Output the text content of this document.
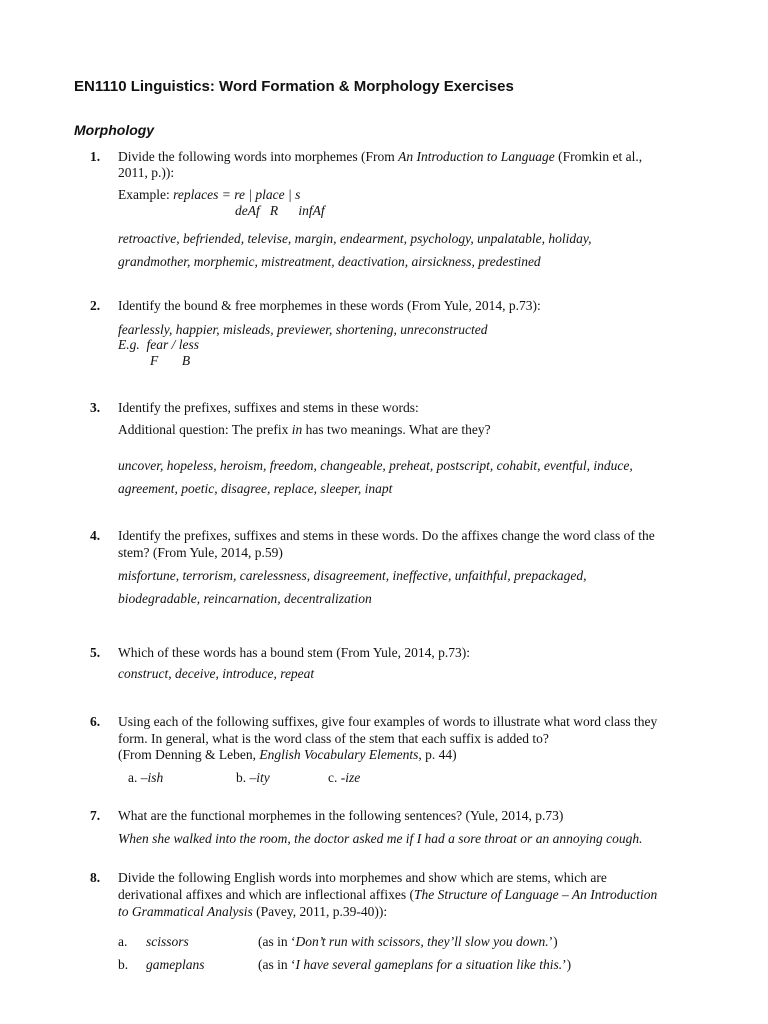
EN1110 Linguistics: Word Formation & Morphology Exercises
Morphology
1. Divide the following words into morphemes (From An Introduction to Language (Fromkin et al.,
2011, p.)):
Example: replaces = re | place | s
deAf   R      infAf
retroactive, befriended, televise, margin, endearment, psychology, unpalatable, holiday,
grandmother, morphemic, mistreatment, deactivation, airsickness, predestined
2. Identify the bound & free morphemes in these words (From Yule, 2014, p.73):
fearlessly, happier, misleads, previewer, shortening, unreconstructed
E.g.  fear / less
F       B
3. Identify the prefixes, suffixes and stems in these words:
Additional question: The prefix in has two meanings. What are they?
uncover, hopeless, heroism, freedom, changeable, preheat, postscript, cohabit, eventful, induce,
agreement, poetic, disagree, replace, sleeper, inapt
4. Identify the prefixes, suffixes and stems in these words. Do the affixes change the word class of the
stem? (From Yule, 2014, p.59)
misfortune, terrorism, carelessness, disagreement, ineffective, unfaithful, prepackaged,
biodegradable, reincarnation, decentralization
5. Which of these words has a bound stem (From Yule, 2014, p.73):
construct, deceive, introduce, repeat
6. Using each of the following suffixes, give four examples of words to illustrate what word class they
form. In general, what is the word class of the stem that each suffix is added to?
(From Denning & Leben, English Vocabulary Elements, p. 44)
a. –ish	b. –ity	c. -ize
7. What are the functional morphemes in the following sentences? (Yule, 2014, p.73)
When she walked into the room, the doctor asked me if I had a sore throat or an annoying cough.
8. Divide the following English words into morphemes and show which are stems, which are
derivational affixes and which are inflectional affixes (The Structure of Language – An Introduction
to Grammatical Analysis (Pavey, 2011, p.39-40)):
a. scissors	(as in ‘Don’t run with scissors, they’ll slow you down.’)
b. gameplans	(as in ‘I have several gameplans for a situation like this.’)
